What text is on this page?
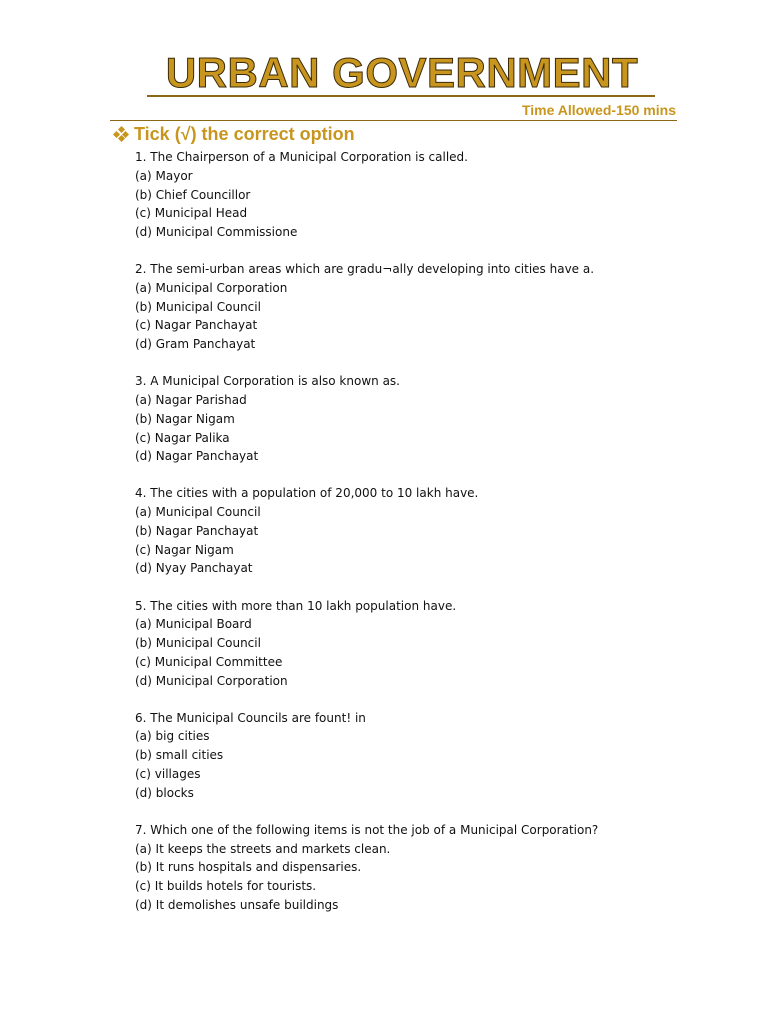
URBAN GOVERNMENT
Time Allowed-150 mins
Tick (√) the correct option
1. The Chairperson of a Municipal Corporation is called.
(a) Mayor
(b) Chief Councillor
(c) Municipal Head
(d) Municipal Commissione
2. The semi-urban areas which are gradu¬ally developing into cities have a.
(a) Municipal Corporation
(b) Municipal Council
(c) Nagar Panchayat
(d) Gram Panchayat
3. A Municipal Corporation is also known as.
(a) Nagar Parishad
(b) Nagar Nigam
(c) Nagar Palika
(d) Nagar Panchayat
4. The cities with a population of 20,000 to 10 lakh have.
(a) Municipal Council
(b) Nagar Panchayat
(c) Nagar Nigam
(d) Nyay Panchayat
5. The cities with more than 10 lakh population have.
(a) Municipal Board
(b) Municipal Council
(c) Municipal Committee
(d) Municipal Corporation
6. The Municipal Councils are fount! in
(a) big cities
(b) small cities
(c) villages
(d) blocks
7. Which one of the following items is not the job of a Municipal Corporation?
(a) It keeps the streets and markets clean.
(b) It runs hospitals and dispensaries.
(c) It builds hotels for tourists.
(d) It demolishes unsafe buildings
